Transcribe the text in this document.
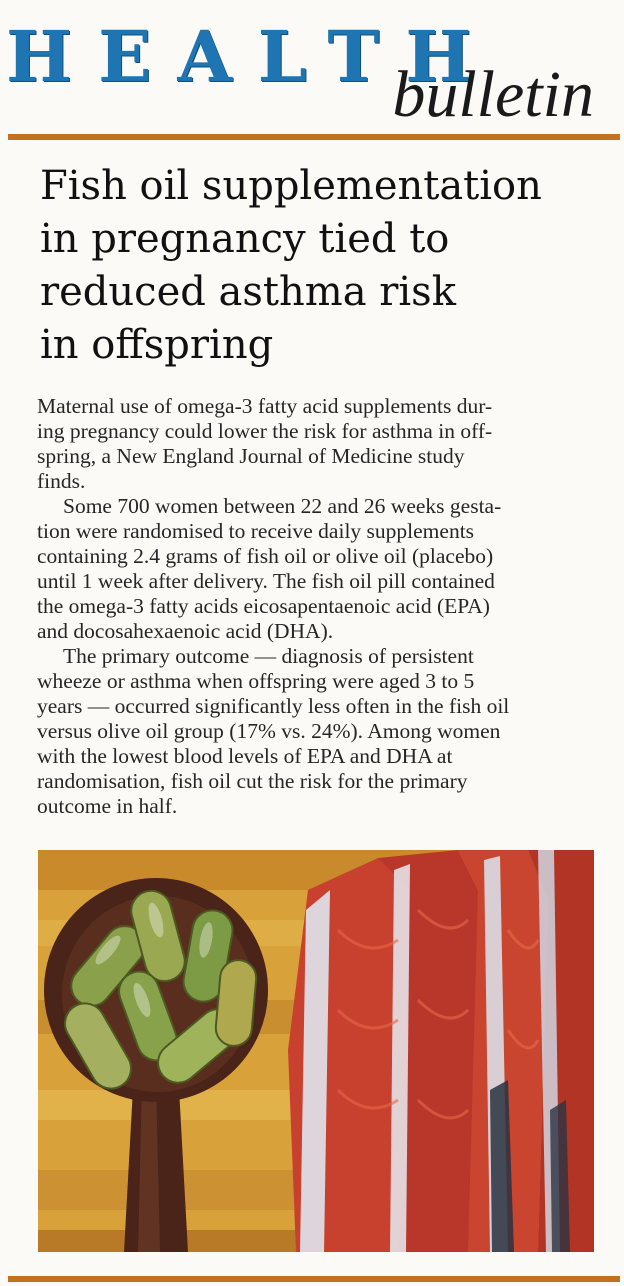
HEALTH
bulletin
Fish oil supplementation
in pregnancy tied to
reduced asthma risk
in offspring
Maternal use of omega-3 fatty acid supplements dur-
ing pregnancy could lower the risk for asthma in off-
spring, a New England Journal of Medicine study
finds.
Some 700 women between 22 and 26 weeks gesta-
tion were randomised to receive daily supplements
containing 2.4 grams of fish oil or olive oil (placebo)
until 1 week after delivery. The fish oil pill contained
the omega-3 fatty acids eicosapentaenoic acid (EPA)
and docosahexaenoic acid (DHA).
The primary outcome — diagnosis of persistent
wheeze or asthma when offspring were aged 3 to 5
years — occurred significantly less often in the fish oil
versus olive oil group (17% vs. 24%). Among women
with the lowest blood levels of EPA and DHA at
randomisation, fish oil cut the risk for the primary
outcome in half.
